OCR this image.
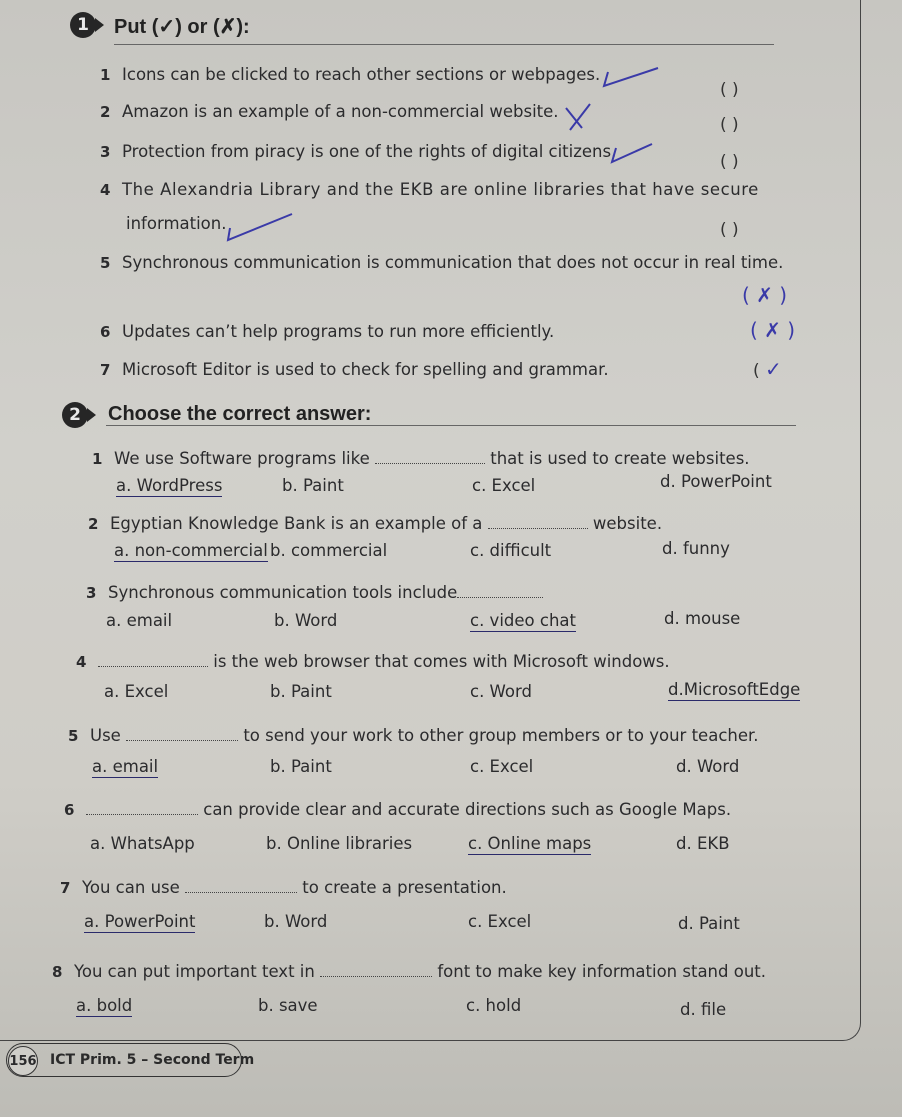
1	Put (✓) or (✗):
1 Icons can be clicked to reach other sections or webpages.
( )
2 Amazon is an example of a non-commercial website.
( )
3 Protection from piracy is one of the rights of digital citizens.
( )
4 The Alexandria Library and the EKB are online libraries that have secure
information.	( )
5 Synchronous communication is communication that does not occur in real time.
( ✗ )
6 Updates can’t help programs to run more efficiently.	( ✗ )
7 Microsoft Editor is used to check for spelling and grammar.	( ✓
2	Choose the correct answer:
1 We use Software programs like	that is used to create websites.
a. WordPress	b. Paint	c. Excel	d. PowerPoint
2 Egyptian Knowledge Bank is an example of a	website.
a. non-commercial b. commercial	c. difficult	d. funny
3 Synchronous communication tools include
a. email	b. Word	c. video chat	d. mouse
4	is the web browser that comes with Microsoft windows.
a. Excel	b. Paint	c. Word	d.MicrosoftEdge
5 Use	to send your work to other group members or to your teacher.
a. email	b. Paint	c. Excel	d. Word
6	can provide clear and accurate directions such as Google Maps.
a. WhatsApp	b. Online libraries	c. Online maps	d. EKB
7 You can use	to create a presentation.
a. PowerPoint	b. Word	c. Excel	d. Paint
8 You can put important text in	font to make key information stand out.
a. bold	b. save	c. hold	d. file
156 ICT Prim. 5 – Second Term
